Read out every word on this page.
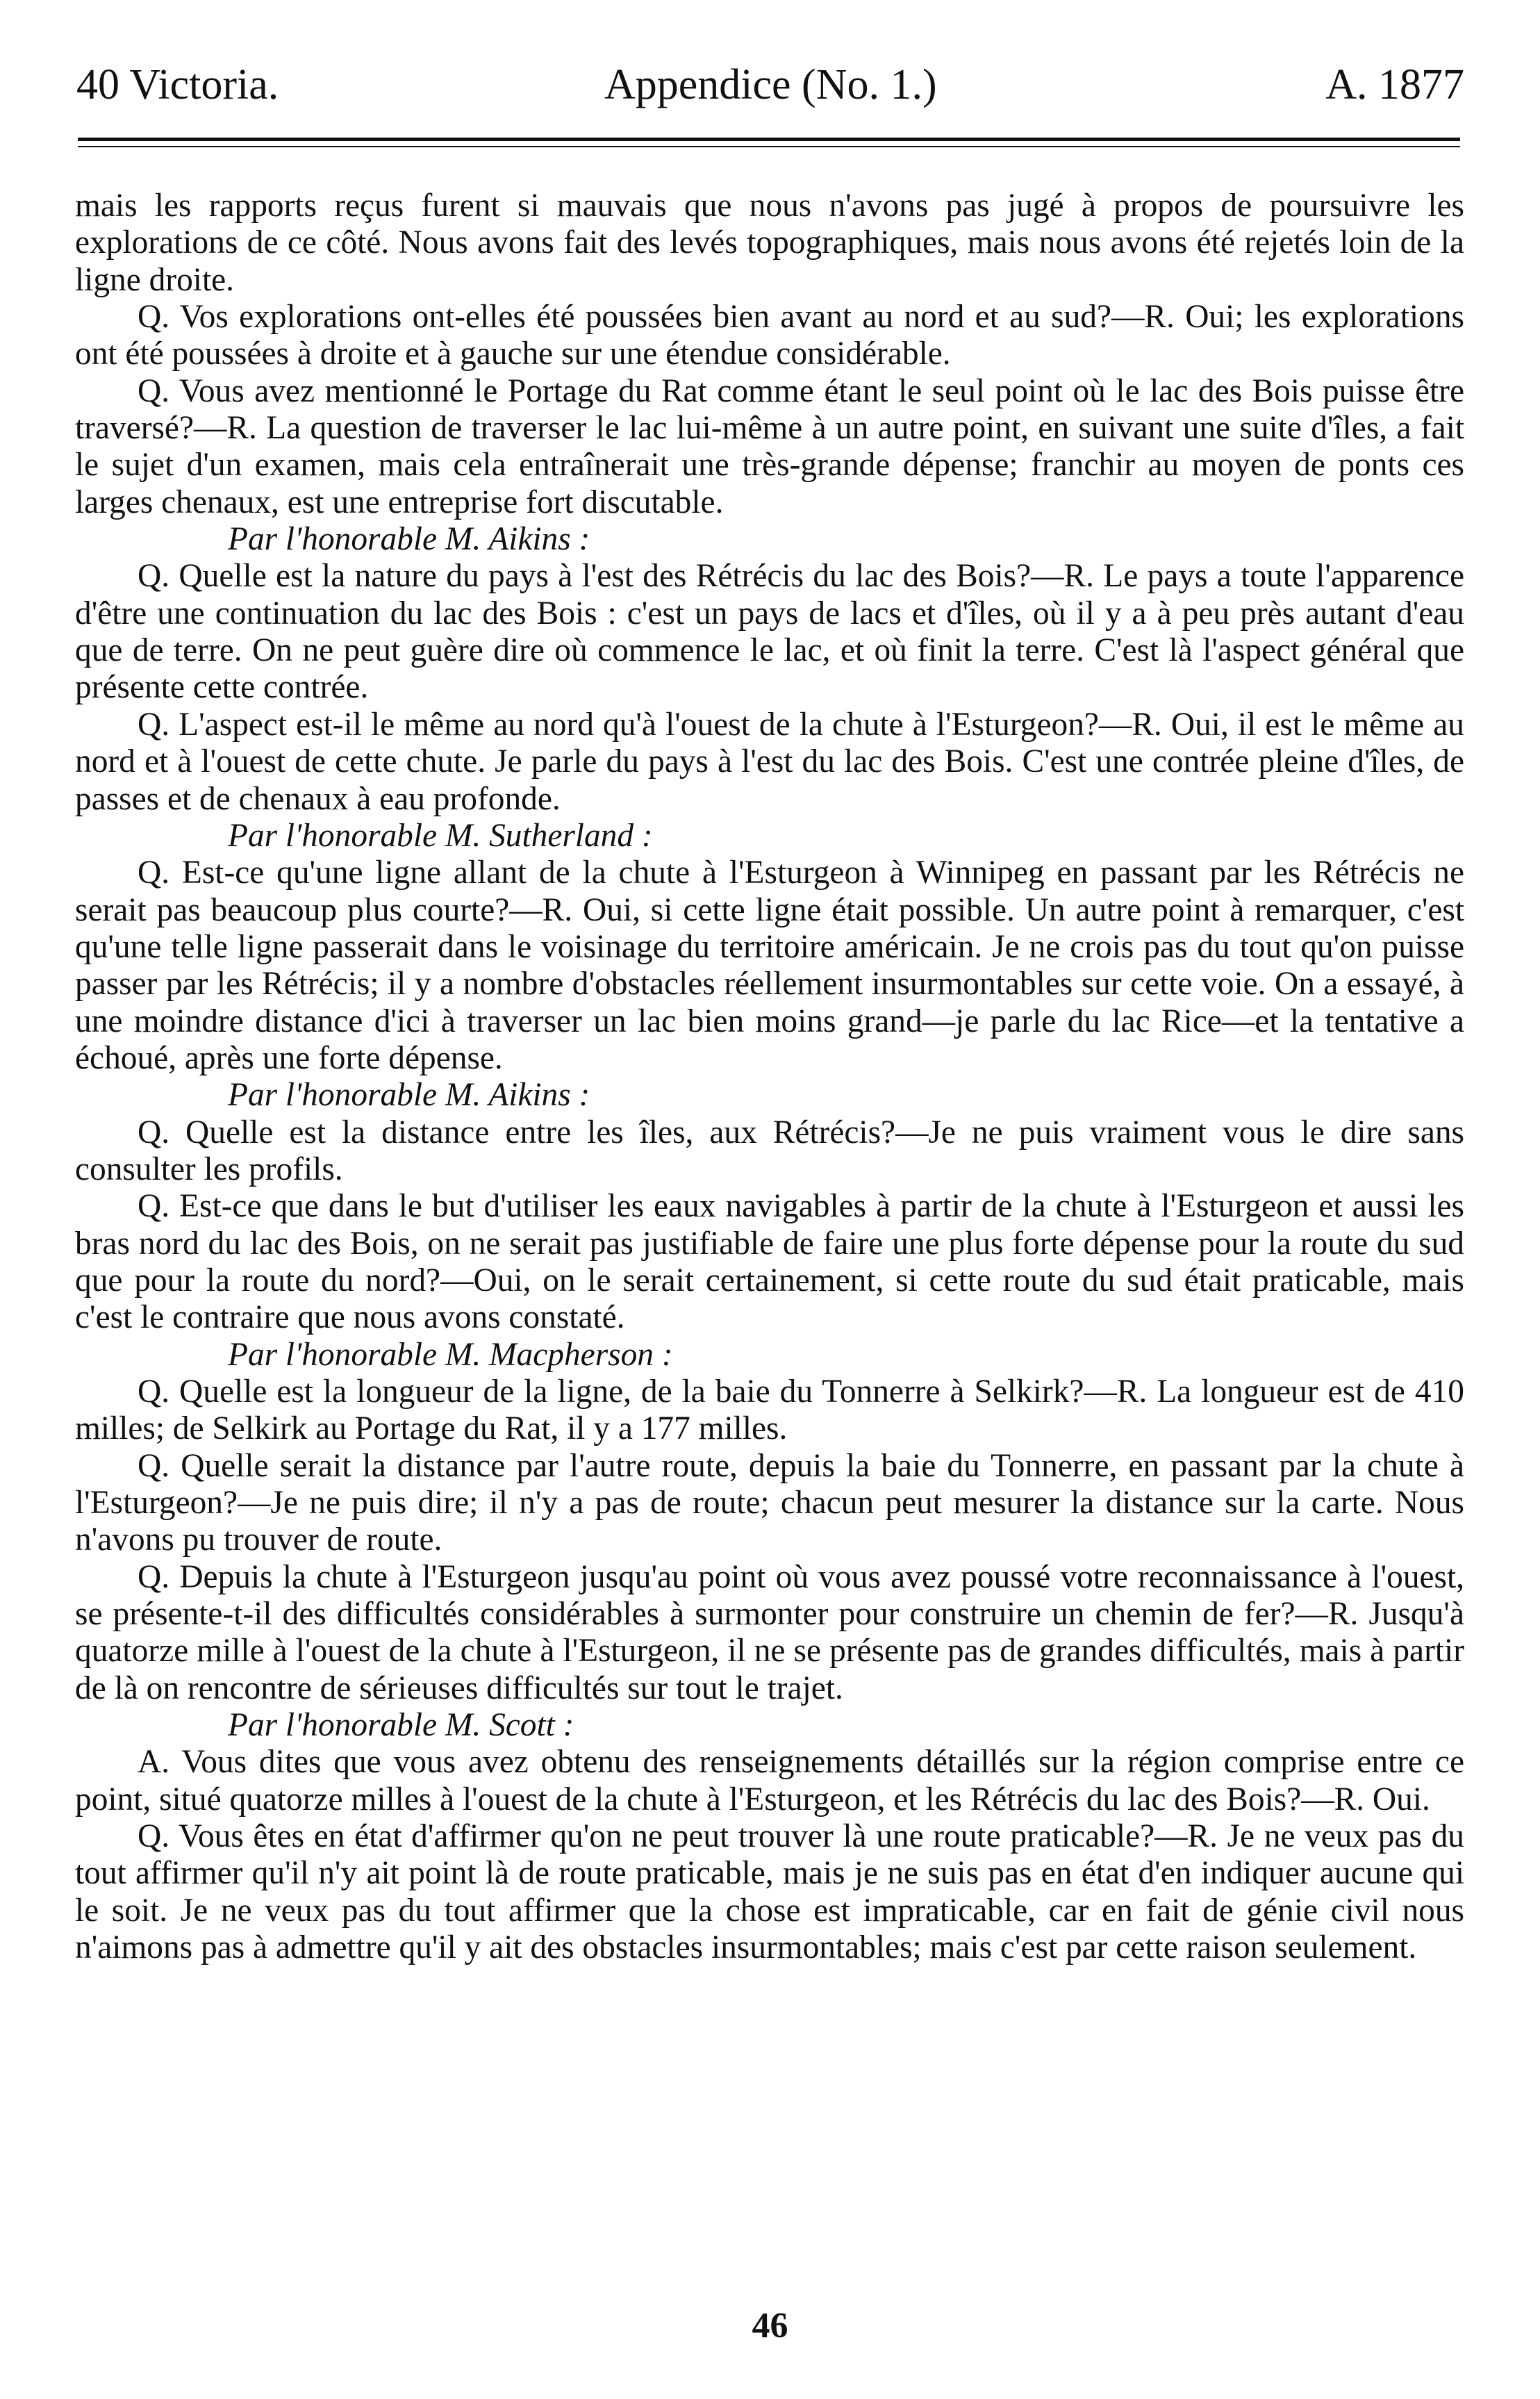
40 Victoria.	Appendice (No. 1.)	A. 1877

mais les rapports reçus furent si mauvais que nous n'avons pas jugé à propos de poursuivre les explorations de ce côté. Nous avons fait des levés topographiques, mais nous avons été rejetés loin de la ligne droite.

Q. Vos explorations ont-elles été poussées bien avant au nord et au sud?—R. Oui; les explorations ont été poussées à droite et à gauche sur une étendue considérable.

Q. Vous avez mentionné le Portage du Rat comme étant le seul point où le lac des Bois puisse être traversé?—R. La question de traverser le lac lui-même à un autre point, en suivant une suite d'îles, a fait le sujet d'un examen, mais cela entraînerait une très-grande dépense; franchir au moyen de ponts ces larges chenaux, est une entreprise fort discutable.

Par l'honorable M. Aikins :

Q. Quelle est la nature du pays à l'est des Rétrécis du lac des Bois?—R. Le pays a toute l'apparence d'être une continuation du lac des Bois : c'est un pays de lacs et d'îles, où il y a à peu près autant d'eau que de terre. On ne peut guère dire où commence le lac, et où finit la terre. C'est là l'aspect général que présente cette contrée.

Q. L'aspect est-il le même au nord qu'à l'ouest de la chute à l'Esturgeon?—R. Oui, il est le même au nord et à l'ouest de cette chute. Je parle du pays à l'est du lac des Bois. C'est une contrée pleine d'îles, de passes et de chenaux à eau profonde.

Par l'honorable M. Sutherland :

Q. Est-ce qu'une ligne allant de la chute à l'Esturgeon à Winnipeg en passant par les Rétrécis ne serait pas beaucoup plus courte?—R. Oui, si cette ligne était possible. Un autre point à remarquer, c'est qu'une telle ligne passerait dans le voisinage du territoire américain. Je ne crois pas du tout qu'on puisse passer par les Rétrécis; il y a nombre d'obstacles réellement insurmontables sur cette voie. On a essayé, à une moindre distance d'ici à traverser un lac bien moins grand—je parle du lac Rice—et la tentative a échoué, après une forte dépense.

Par l'honorable M. Aikins :

Q. Quelle est la distance entre les îles, aux Rétrécis?—Je ne puis vraiment vous le dire sans consulter les profils.

Q. Est-ce que dans le but d'utiliser les eaux navigables à partir de la chute à l'Esturgeon et aussi les bras nord du lac des Bois, on ne serait pas justifiable de faire une plus forte dépense pour la route du sud que pour la route du nord?—Oui, on le serait certainement, si cette route du sud était praticable, mais c'est le contraire que nous avons constaté.

Par l'honorable M. Macpherson :

Q. Quelle est la longueur de la ligne, de la baie du Tonnerre à Selkirk?—R. La longueur est de 410 milles; de Selkirk au Portage du Rat, il y a 177 milles.

Q. Quelle serait la distance par l'autre route, depuis la baie du Tonnerre, en passant par la chute à l'Esturgeon?—Je ne puis dire; il n'y a pas de route; chacun peut mesurer la distance sur la carte. Nous n'avons pu trouver de route.

Q. Depuis la chute à l'Esturgeon jusqu'au point où vous avez poussé votre reconnaissance à l'ouest, se présente-t-il des difficultés considérables à surmonter pour construire un chemin de fer?—R. Jusqu'à quatorze mille à l'ouest de la chute à l'Esturgeon, il ne se présente pas de grandes difficultés, mais à partir de là on rencontre de sérieuses difficultés sur tout le trajet.

Par l'honorable M. Scott :

A. Vous dites que vous avez obtenu des renseignements détaillés sur la région comprise entre ce point, situé quatorze milles à l'ouest de la chute à l'Esturgeon, et les Rétrécis du lac des Bois?—R. Oui.

Q. Vous êtes en état d'affirmer qu'on ne peut trouver là une route praticable?—R. Je ne veux pas du tout affirmer qu'il n'y ait point là de route praticable, mais je ne suis pas en état d'en indiquer aucune qui le soit. Je ne veux pas du tout affirmer que la chose est impraticable, car en fait de génie civil nous n'aimons pas à admettre qu'il y ait des obstacles insurmontables; mais c'est par cette raison seulement.

46
